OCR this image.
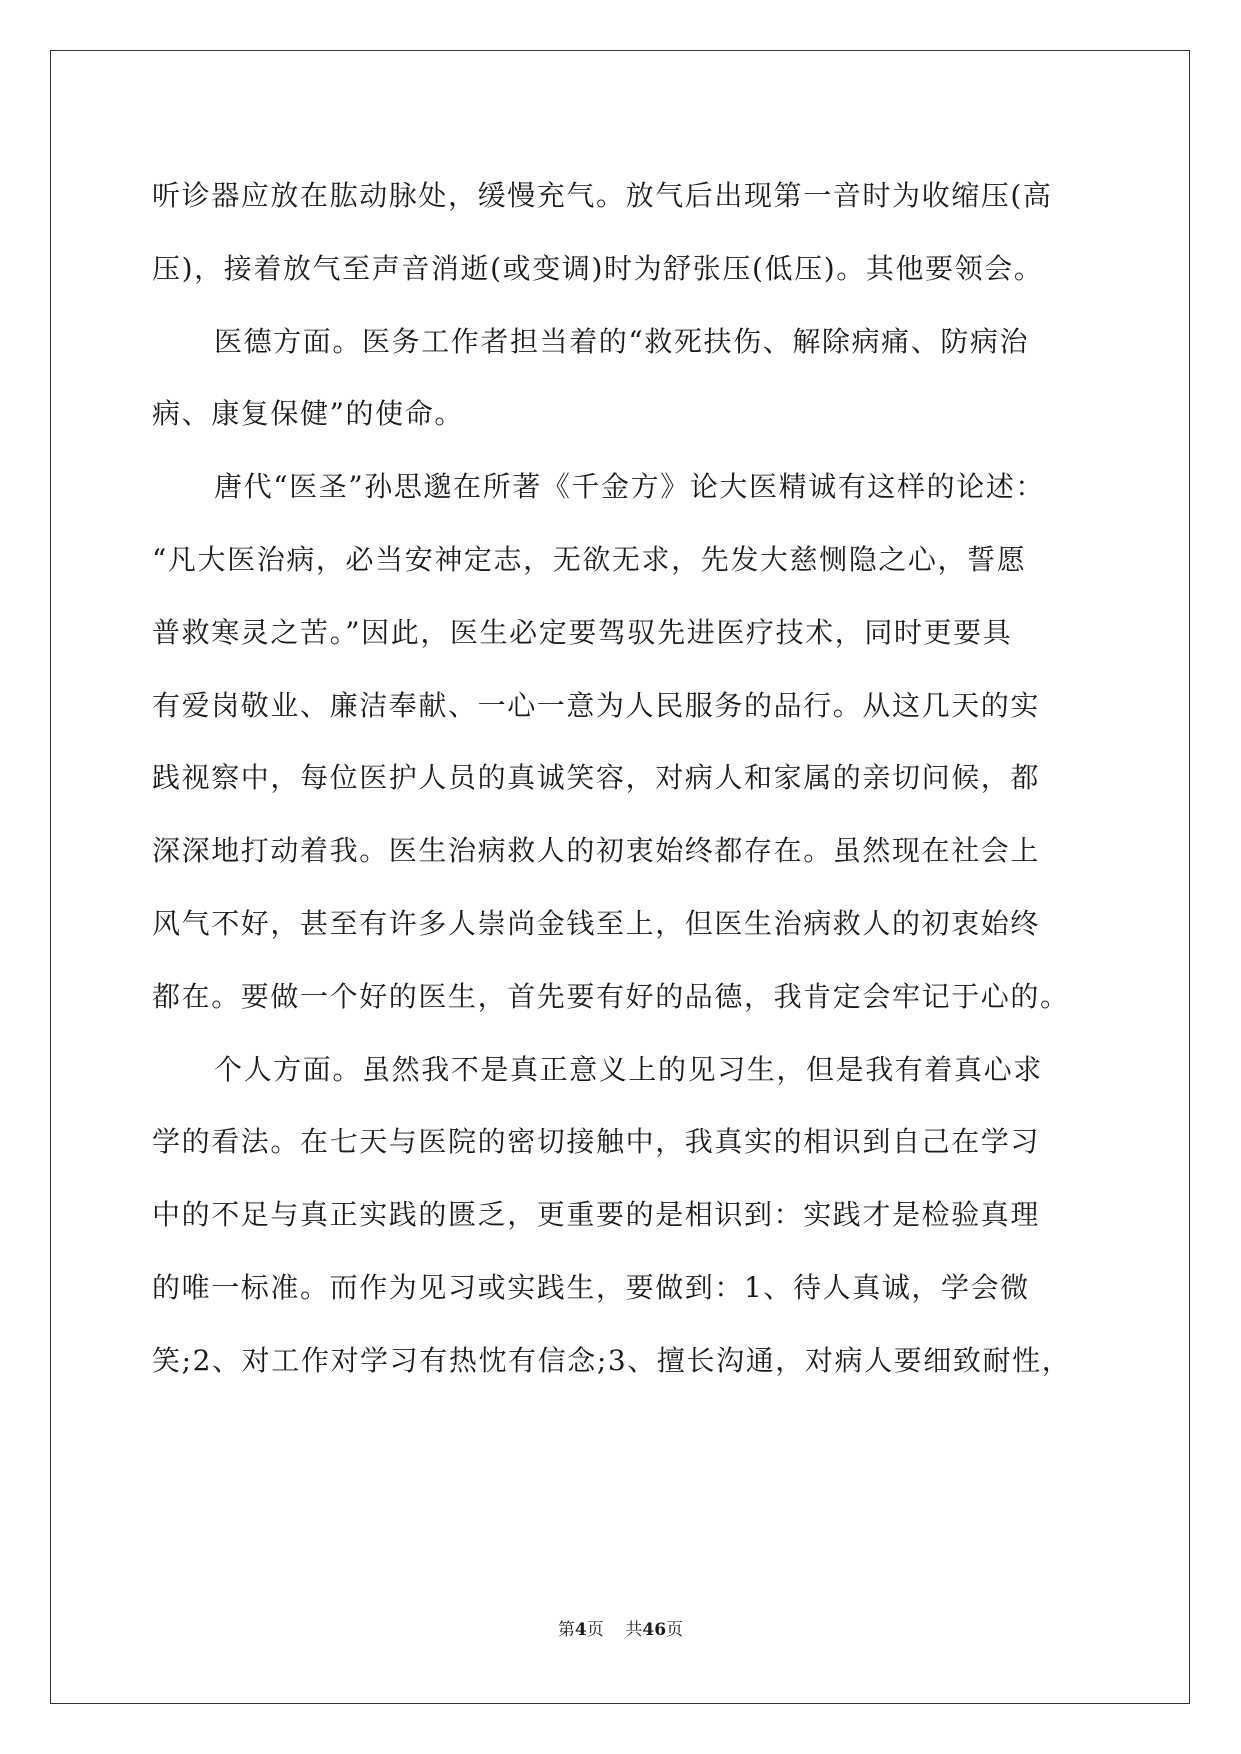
听诊器应放在肱动脉处，缓慢充气。放气后出现第一音时为收缩压(高
压)，接着放气至声音消逝(或变调)时为舒张压(低压)。其他要领会。
医德方面。医务工作者担当着的“救死扶伤、解除病痛、防病治
病、康复保健”的使命。
唐代“医圣”孙思邈在所著《千金方》论大医精诚有这样的论述：
“凡大医治病，必当安神定志，无欲无求，先发大慈恻隐之心，誓愿
普救寒灵之苦。”因此，医生必定要驾驭先进医疗技术，同时更要具
有爱岗敬业、廉洁奉献、一心一意为人民服务的品行。从这几天的实
践视察中，每位医护人员的真诚笑容，对病人和家属的亲切问候，都
深深地打动着我。医生治病救人的初衷始终都存在。虽然现在社会上
风气不好，甚至有许多人崇尚金钱至上，但医生治病救人的初衷始终
都在。要做一个好的医生，首先要有好的品德，我肯定会牢记于心的。
个人方面。虽然我不是真正意义上的见习生，但是我有着真心求
学的看法。在七天与医院的密切接触中，我真实的相识到自己在学习
中的不足与真正实践的匮乏，更重要的是相识到：实践才是检验真理
的唯一标准。而作为见习或实践生，要做到：1、待人真诚，学会微
笑;2、对工作对学习有热忱有信念;3、擅长沟通，对病人要细致耐性，
第4页    共46页
